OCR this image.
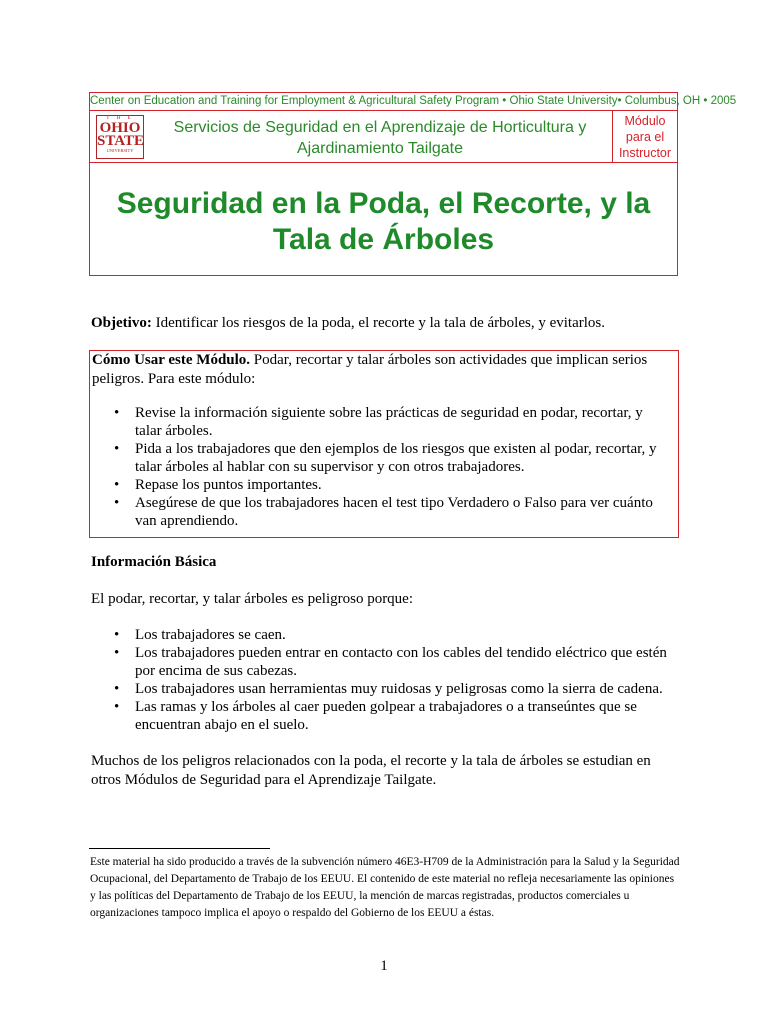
Center on Education and Training for Employment & Agricultural Safety Program • Ohio State University• Columbus, OH • 2005
T H E
OHIO
STATE
UNIVERSITY
Servicios de Seguridad en el Aprendizaje de Horticultura y
Ajardinamiento Tailgate
Módulo
para el
Instructor
Seguridad en la Poda, el Recorte, y la
Tala de Árboles
Objetivo: Identificar los riesgos de la poda, el recorte y la tala de árboles, y evitarlos.
Cómo Usar este Módulo. Podar, recortar y talar árboles son actividades que implican serios peligros. Para este módulo:
• Revise la información siguiente sobre las prácticas de seguridad en podar, recortar, y talar árboles.
• Pida a los trabajadores que den ejemplos de los riesgos que existen al podar, recortar, y talar árboles al hablar con su supervisor y con otros trabajadores.
• Repase los puntos importantes.
• Asegúrese de que los trabajadores hacen el test tipo Verdadero o Falso para ver cuánto van aprendiendo.
Información Básica
El podar, recortar, y talar árboles es peligroso porque:
• Los trabajadores se caen.
• Los trabajadores pueden entrar en contacto con los cables del tendido eléctrico que estén por encima de sus cabezas.
• Los trabajadores usan herramientas muy ruidosas y peligrosas como la sierra de cadena.
• Las ramas y los árboles al caer pueden golpear a trabajadores o a transeúntes que se encuentran abajo en el suelo.
Muchos de los peligros relacionados con la poda, el recorte y la tala de árboles se estudian en otros Módulos de Seguridad para el Aprendizaje Tailgate.
Este material ha sido producido a través de la subvención número 46E3-H709 de la Administración para la Salud y la Seguridad Ocupacional, del Departamento de Trabajo de los EEUU. El contenido de este material no refleja necesariamente las opiniones y las políticas del Departamento de Trabajo de los EEUU, la mención de marcas registradas, productos comerciales u organizaciones tampoco implica el apoyo o respaldo del Gobierno de los EEUU a éstas.
1
